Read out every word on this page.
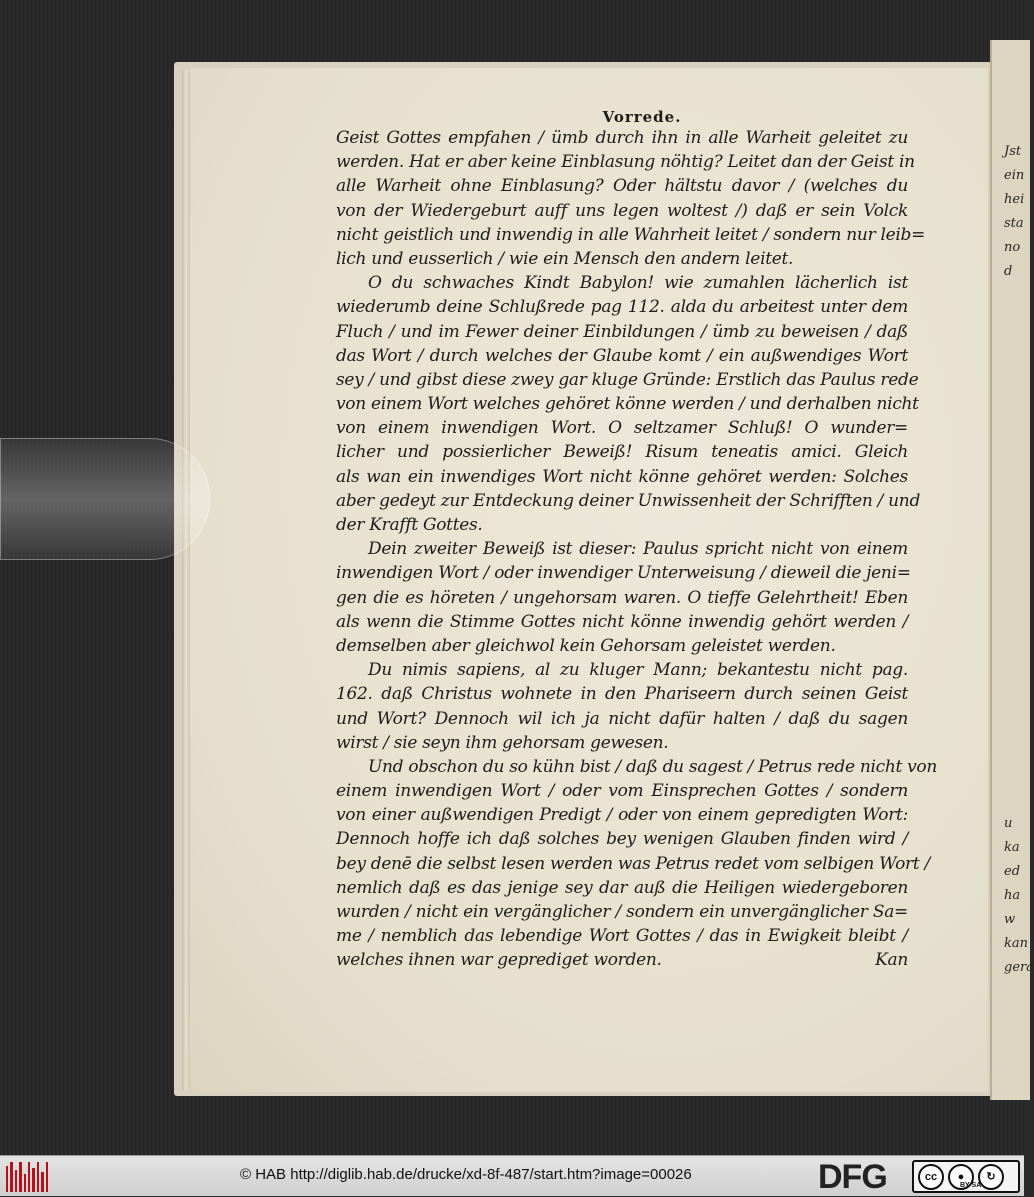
Jst
ein
hei
sta
no
d

u
ka
ed
ha
w
kan
gera
Vorrede.
Geist Gottes empfahen / ümb durch ihn in alle Warheit geleitet zu
werden. Hat er aber keine Einblasung nöhtig? Leitet dan der Geist in
alle Warheit ohne Einblasung? Oder hältstu davor / (welches du
von der Wiedergeburt auff uns legen woltest /) daß er sein Volck
nicht geistlich und inwendig in alle Wahrheit leitet / sondern nur leib=
lich und eusserlich / wie ein Mensch den andern leitet.
O du schwaches Kindt Babylon! wie zumahlen lächerlich ist
wiederumb deine Schlußrede pag 112. alda du arbeitest unter dem
Fluch / und im Fewer deiner Einbildungen / ümb zu beweisen / daß
das Wort / durch welches der Glaube komt / ein außwendiges Wort
sey / und gibst diese zwey gar kluge Gründe: Erstlich das Paulus rede
von einem Wort welches gehöret könne werden / und derhalben nicht
von einem inwendigen Wort. O seltzamer Schluß! O wunder=
licher und possierlicher Beweiß! Risum teneatis amici. Gleich
als wan ein inwendiges Wort nicht könne gehöret werden: Solches
aber gedeyt zur Entdeckung deiner Unwissenheit der Schrifften / und
der Krafft Gottes.
Dein zweiter Beweiß ist dieser: Paulus spricht nicht von einem
inwendigen Wort / oder inwendiger Unterweisung / dieweil die jeni=
gen die es höreten / ungehorsam waren. O tieffe Gelehrtheit! Eben
als wenn die Stimme Gottes nicht könne inwendig gehört werden /
demselben aber gleichwol kein Gehorsam geleistet werden.
Du nimis sapiens, al zu kluger Mann; bekantestu nicht pag.
162. daß Christus wohnete in den Phariseern durch seinen Geist
und Wort? Dennoch wil ich ja nicht dafür halten / daß du sagen
wirst / sie seyn ihm gehorsam gewesen.
Und obschon du so kühn bist / daß du sagest / Petrus rede nicht von
einem inwendigen Wort / oder vom Einsprechen Gottes / sondern
von einer außwendigen Predigt / oder von einem gepredigten Wort:
Dennoch hoffe ich daß solches bey wenigen Glauben finden wird /
bey denē die selbst lesen werden was Petrus redet vom selbigen Wort /
nemlich daß es das jenige sey dar auß die Heiligen wiedergeboren
wurden / nicht ein vergänglicher / sondern ein unvergänglicher Sa=
me / nemblich das lebendige Wort Gottes / das in Ewigkeit bleibt /
welches ihnen war geprediget worden.	Kan
© HAB http://diglib.hab.de/drucke/xd-8f-487/start.htm?image=00026	DFG	cc	●	↻
BY SA
